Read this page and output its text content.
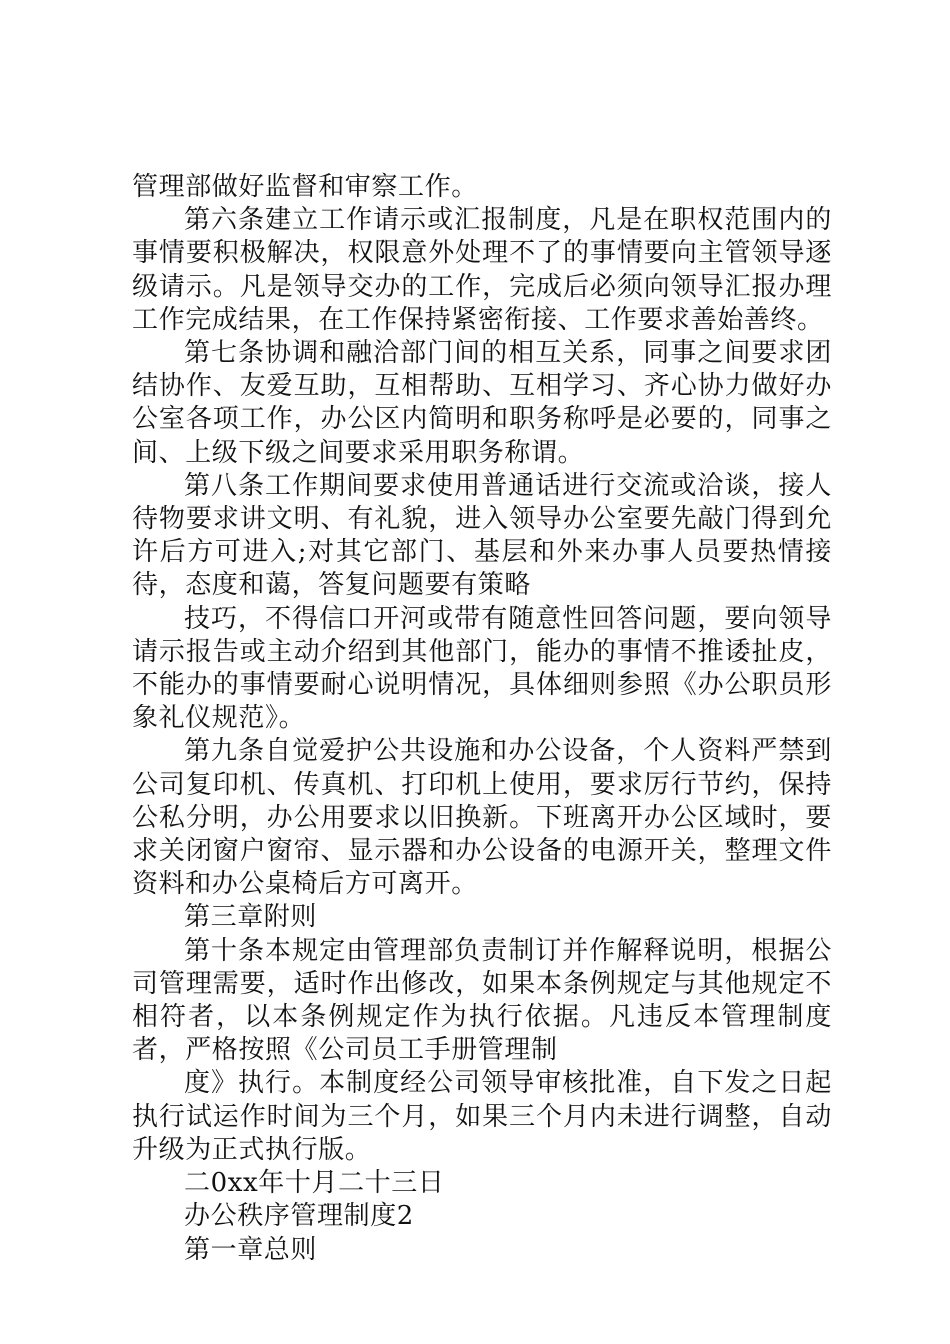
管理部做好监督和审察工作。

第六条建立工作请示或汇报制度，凡是在职权范围内的事情要积极解决，权限意外处理不了的事情要向主管领导逐级请示。凡是领导交办的工作，完成后必须向领导汇报办理工作完成结果，在工作保持紧密衔接、工作要求善始善终。

第七条协调和融洽部门间的相互关系，同事之间要求团结协作、友爱互助，互相帮助、互相学习、齐心协力做好办公室各项工作，办公区内简明和职务称呼是必要的，同事之间、上级下级之间要求采用职务称谓。

第八条工作期间要求使用普通话进行交流或洽谈，接人待物要求讲文明、有礼貌，进入领导办公室要先敲门得到允许后方可进入;对其它部门、基层和外来办事人员要热情接待，态度和蔼，答复问题要有策略

技巧，不得信口开河或带有随意性回答问题，要向领导请示报告或主动介绍到其他部门，能办的事情不推诿扯皮，不能办的事情要耐心说明情况，具体细则参照《办公职员形象礼仪规范》。

第九条自觉爱护公共设施和办公设备，个人资料严禁到公司复印机、传真机、打印机上使用，要求厉行节约，保持公私分明，办公用要求以旧换新。下班离开办公区域时，要求关闭窗户窗帘、显示器和办公设备的电源开关，整理文件资料和办公桌椅后方可离开。

第三章附则

第十条本规定由管理部负责制订并作解释说明，根据公司管理需要，适时作出修改，如果本条例规定与其他规定不相符者，以本条例规定作为执行依据。凡违反本管理制度者，严格按照《公司员工手册管理制

度》执行。本制度经公司领导审核批准，自下发之日起执行试运作时间为三个月，如果三个月内未进行调整，自动升级为正式执行版。

二0xx年十月二十三日

办公秩序管理制度2

第一章总则
